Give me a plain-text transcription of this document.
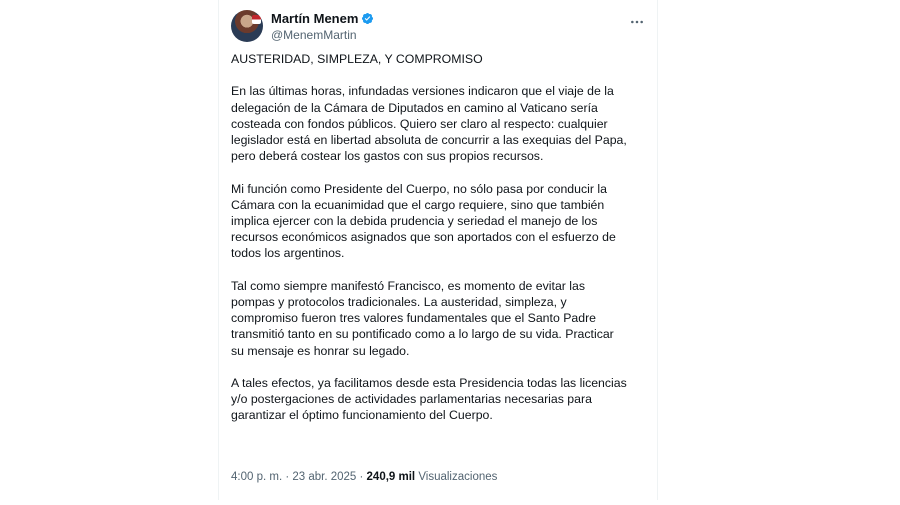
Martín Menem
@MenemMartin

AUSTERIDAD, SIMPLEZA, Y COMPROMISO

En las últimas horas, infundadas versiones indicaron que el viaje de la
delegación de la Cámara de Diputados en camino al Vaticano sería
costeada con fondos públicos. Quiero ser claro al respecto: cualquier
legislador está en libertad absoluta de concurrir a las exequias del Papa,
pero deberá costear los gastos con sus propios recursos.

Mi función como Presidente del Cuerpo, no sólo pasa por conducir la
Cámara con la ecuanimidad que el cargo requiere, sino que también
implica ejercer con la debida prudencia y seriedad el manejo de los
recursos económicos asignados que son aportados con el esfuerzo de
todos los argentinos.

Tal como siempre manifestó Francisco, es momento de evitar las
pompas y protocolos tradicionales. La austeridad, simpleza, y
compromiso fueron tres valores fundamentales que el Santo Padre
transmitió tanto en su pontificado como a lo largo de su vida. Practicar
su mensaje es honrar su legado.

A tales efectos, ya facilitamos desde esta Presidencia todas las licencias
y/o postergaciones de actividades parlamentarias necesarias para
garantizar el óptimo funcionamiento del Cuerpo.

4:00 p. m. · 23 abr. 2025 · 240,9 mil Visualizaciones
